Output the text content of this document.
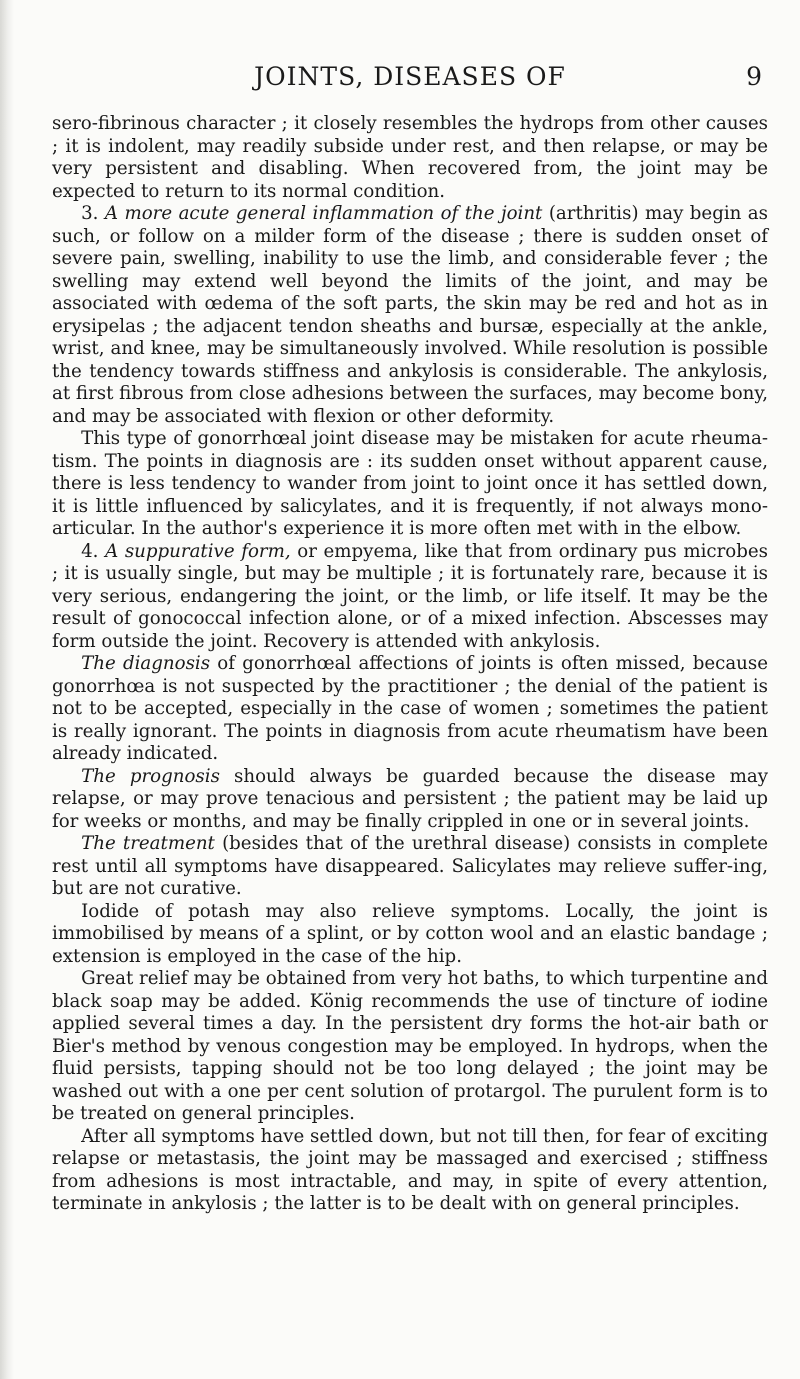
JOINTS, DISEASES OF	9

sero-fibrinous character ; it closely resembles the hydrops from other causes ; it is indolent, may readily subside under rest, and then relapse, or may be very persistent and disabling. When recovered from, the joint may be expected to return to its normal condition.

3. A more acute general inflammation of the joint (arthritis) may begin as such, or follow on a milder form of the disease ; there is sudden onset of severe pain, swelling, inability to use the limb, and considerable fever ; the swelling may extend well beyond the limits of the joint, and may be associated with œdema of the soft parts, the skin may be red and hot as in erysipelas ; the adjacent tendon sheaths and bursæ, especially at the ankle, wrist, and knee, may be simultaneously involved. While resolution is possible the tendency towards stiffness and ankylosis is considerable. The ankylosis, at first fibrous from close adhesions between the surfaces, may become bony, and may be associated with flexion or other deformity.

This type of gonorrhœal joint disease may be mistaken for acute rheuma-tism. The points in diagnosis are : its sudden onset without apparent cause, there is less tendency to wander from joint to joint once it has settled down, it is little influenced by salicylates, and it is frequently, if not always mono-articular. In the author's experience it is more often met with in the elbow.

4. A suppurative form, or empyema, like that from ordinary pus microbes ; it is usually single, but may be multiple ; it is fortunately rare, because it is very serious, endangering the joint, or the limb, or life itself. It may be the result of gonococcal infection alone, or of a mixed infection. Abscesses may form outside the joint. Recovery is attended with ankylosis.

The diagnosis of gonorrhœal affections of joints is often missed, because gonorrhœa is not suspected by the practitioner ; the denial of the patient is not to be accepted, especially in the case of women ; sometimes the patient is really ignorant. The points in diagnosis from acute rheumatism have been already indicated.

The prognosis should always be guarded because the disease may relapse, or may prove tenacious and persistent ; the patient may be laid up for weeks or months, and may be finally crippled in one or in several joints.

The treatment (besides that of the urethral disease) consists in complete rest until all symptoms have disappeared. Salicylates may relieve suffer-ing, but are not curative.

Iodide of potash may also relieve symptoms. Locally, the joint is immobilised by means of a splint, or by cotton wool and an elastic bandage ; extension is employed in the case of the hip.

Great relief may be obtained from very hot baths, to which turpentine and black soap may be added. König recommends the use of tincture of iodine applied several times a day. In the persistent dry forms the hot-air bath or Bier's method by venous congestion may be employed. In hydrops, when the fluid persists, tapping should not be too long delayed ; the joint may be washed out with a one per cent solution of protargol. The purulent form is to be treated on general principles.

After all symptoms have settled down, but not till then, for fear of exciting relapse or metastasis, the joint may be massaged and exercised ; stiffness from adhesions is most intractable, and may, in spite of every attention, terminate in ankylosis ; the latter is to be dealt with on general principles.
